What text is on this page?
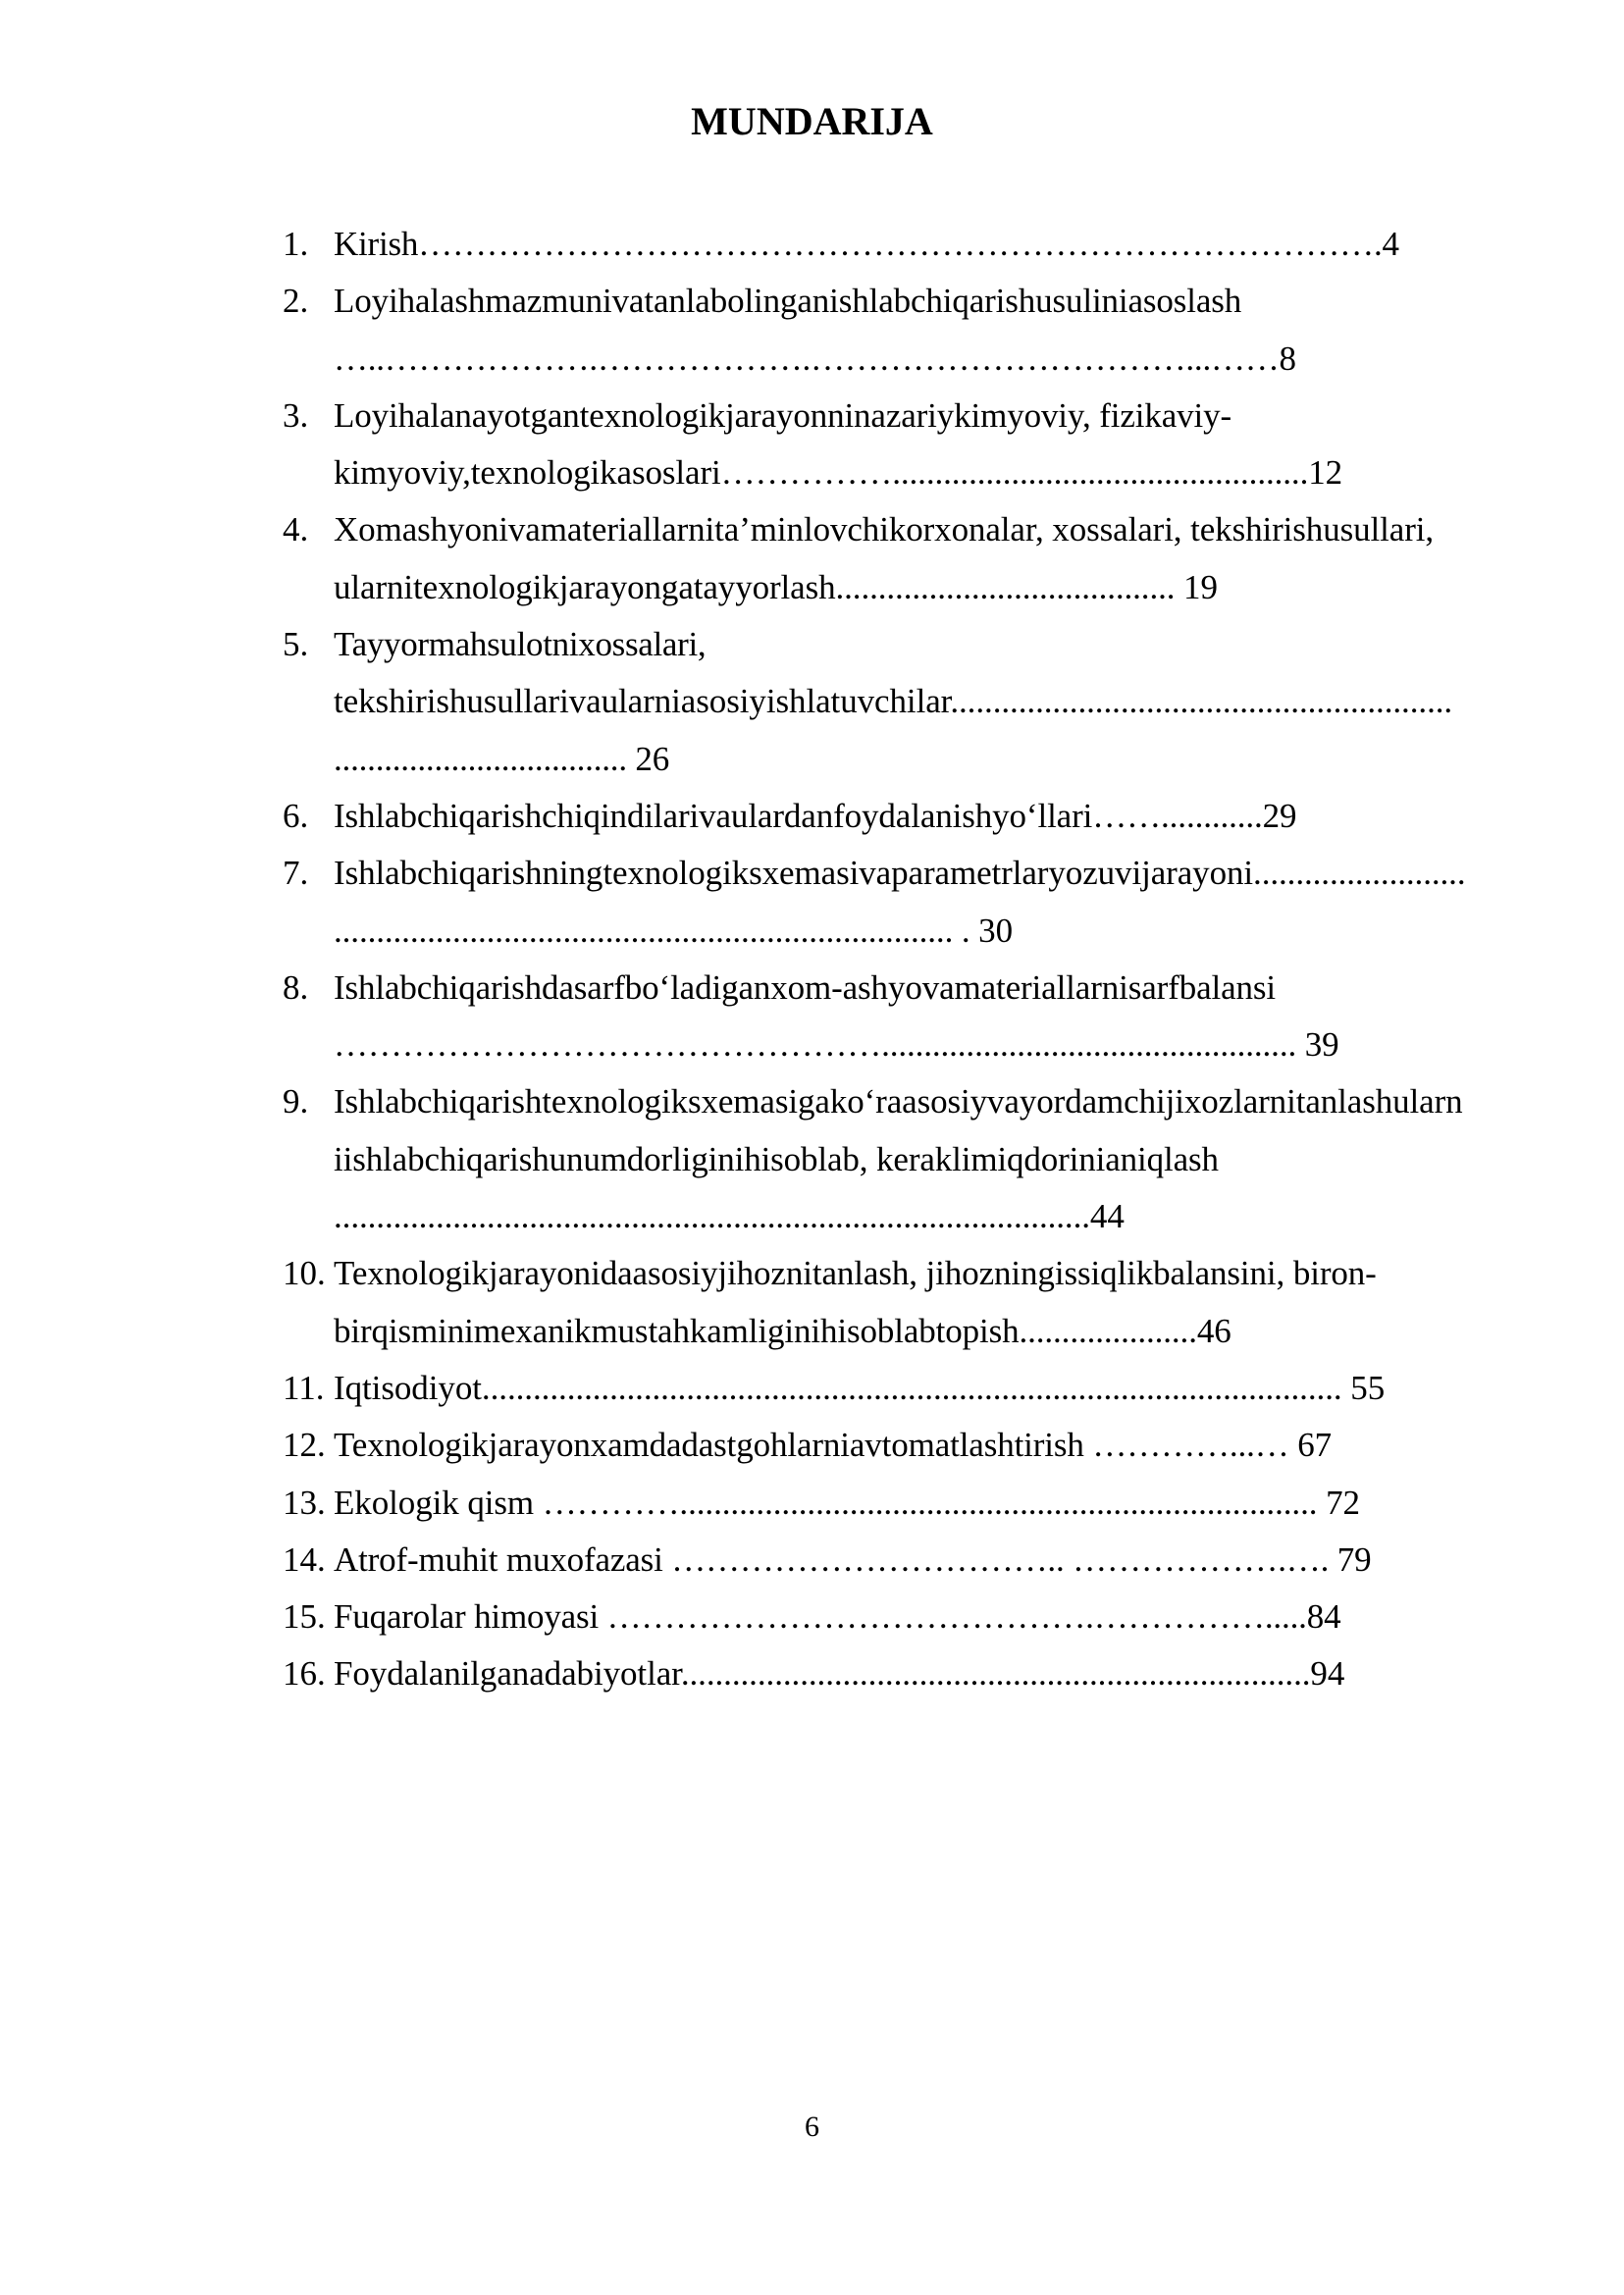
MUNDARIJA
1. Kirish………………………………………………………………………….4
2. Loyihalashmazmunivatanlabolinganishlabchiqarishusuliniasoslash
…..……………….……………….……………………………...……8
3. Loyihalanayotgantexnologikjarayonninazariykimyoviy, fizikaviy-
kimyoviy,texnologikasoslari…………….................................................12
4. Xomashyonivamateriallarnita’minlovchikorxonalar, xossalari, tekshirishusullari,
ularnitexnologikjarayongatayyorlash........................................ 19
5. Tayyormahsulotnixossalari,
tekshirishusullarivaularniasosiyishlatuvchilar...........................................................
................................... 26
6. Ishlabchiqarishchiqindilarivaulardanfoydalanishyo‘llari……............29
7. Ishlabchiqarishningtexnologiksxemasivaparametrlaryozuvijarayoni.........................
......................................................................... . 30
8. Ishlabchiqarishdasarfbo‘ladiganxom-ashyovamateriallarnisarfbalansi
…………………………………………................................................. 39
9. Ishlabchiqarishtexnologiksxemasigako‘raasosiyvayordamchijixozlarnitanlashularn
iishlabchiqarishunumdorliginihisoblab, keraklimiqdorinianiqlash
.........................................................................................44
10. Texnologikjarayonidaasosiyjihoznitanlash, jihozningissiqlikbalansini, biron-
birqisminimexanikmustahkamliginihisoblabtopish.....................46
11. Iqtisodiyot..................................................................................................... 55
12. Texnologikjarayonxamdadastgohlarniavtomatlashtirish …………...… 67
13. Ekologik qism …………........................................................................... 72
14. Atrof-muhit muxofazasi …………………………….. ……………….…. 79
15. Fuqarolar himoyasi …………………………………….…………….....84
16. Foydalanilganadabiyotlar..........................................................................94
6
